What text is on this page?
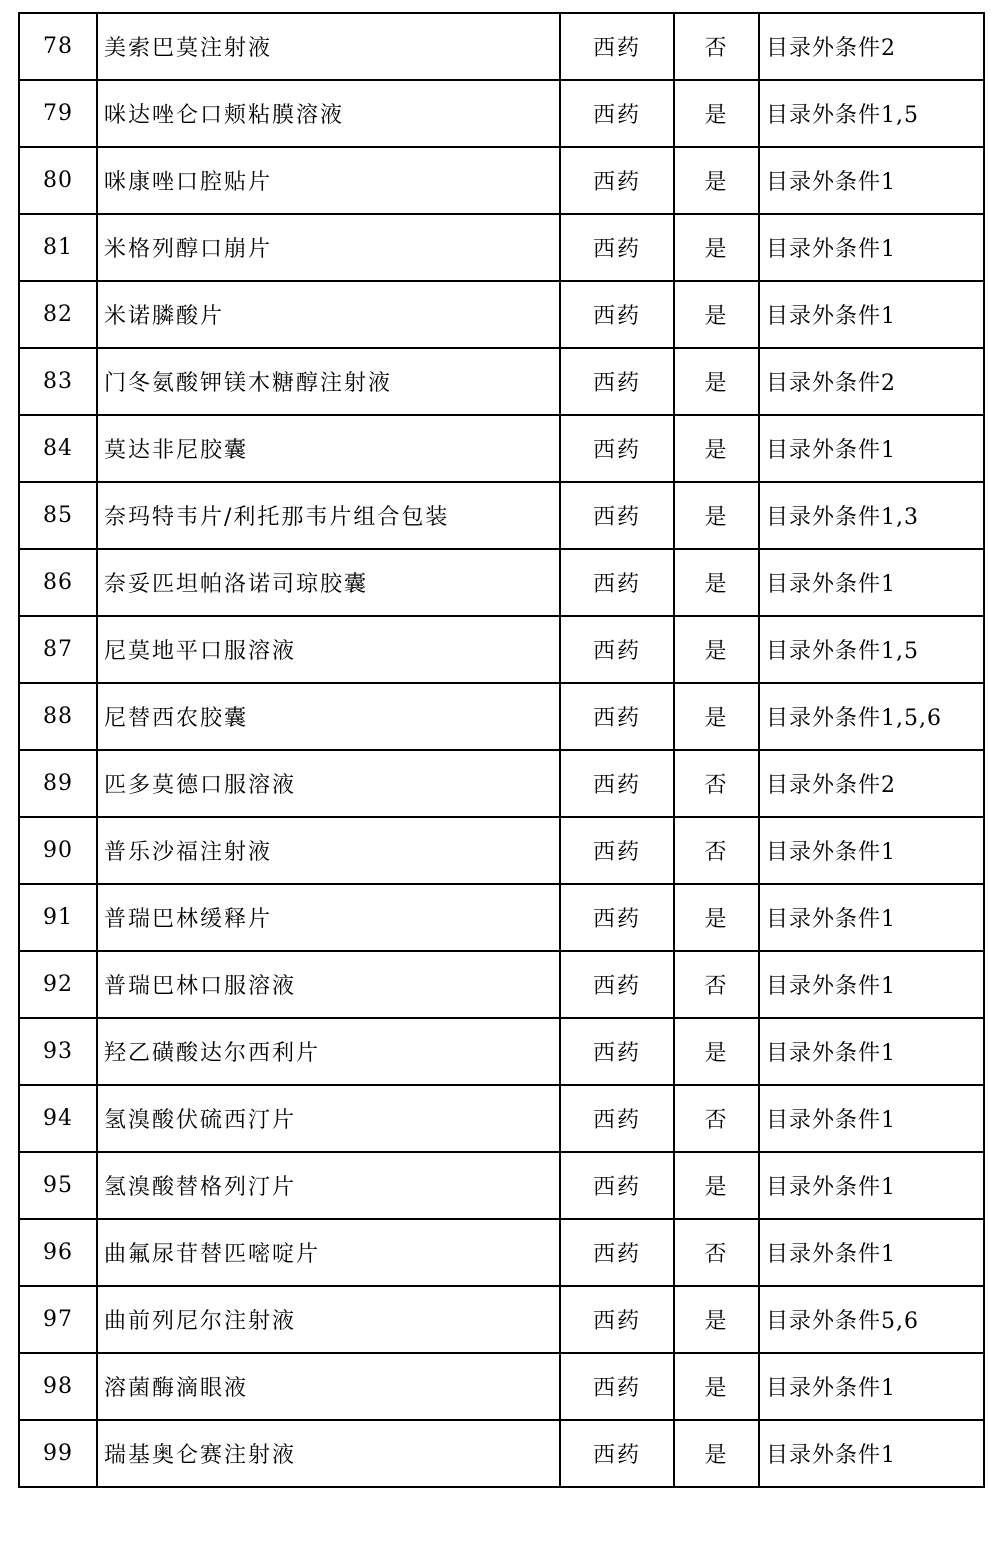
78	美索巴莫注射液	西药	否	目录外条件2
79	咪达唑仑口颊粘膜溶液	西药	是	目录外条件1,5
80	咪康唑口腔贴片	西药	是	目录外条件1
81	米格列醇口崩片	西药	是	目录外条件1
82	米诺膦酸片	西药	是	目录外条件1
83	门冬氨酸钾镁木糖醇注射液	西药	是	目录外条件2
84	莫达非尼胶囊	西药	是	目录外条件1
85	奈玛特韦片/利托那韦片组合包装	西药	是	目录外条件1,3
86	奈妥匹坦帕洛诺司琼胶囊	西药	是	目录外条件1
87	尼莫地平口服溶液	西药	是	目录外条件1,5
88	尼替西农胶囊	西药	是	目录外条件1,5,6
89	匹多莫德口服溶液	西药	否	目录外条件2
90	普乐沙福注射液	西药	否	目录外条件1
91	普瑞巴林缓释片	西药	是	目录外条件1
92	普瑞巴林口服溶液	西药	否	目录外条件1
93	羟乙磺酸达尔西利片	西药	是	目录外条件1
94	氢溴酸伏硫西汀片	西药	否	目录外条件1
95	氢溴酸替格列汀片	西药	是	目录外条件1
96	曲氟尿苷替匹嘧啶片	西药	否	目录外条件1
97	曲前列尼尔注射液	西药	是	目录外条件5,6
98	溶菌酶滴眼液	西药	是	目录外条件1
99	瑞基奥仑赛注射液	西药	是	目录外条件1
